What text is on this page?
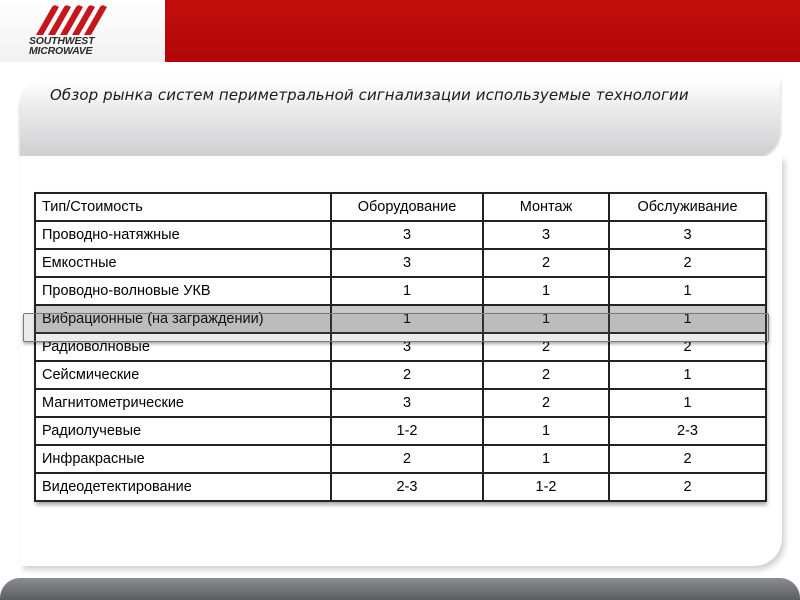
SOUTHWEST
MICROWAVE
Обзор рынка систем периметральной сигнализации используемые технологии
Тип/Стоимость	Оборудование	Монтаж	Обслуживание
Проводно-натяжные	3	3	3
Емкостные	3	2	2
Проводно-волновые УКВ	1	1	1
Вибрационные (на заграждении)	1	1	1
Радиоволновые	3	2	2
Сейсмические	2	2	1
Магнитометрические	3	2	1
Радиолучевые	1-2	1	2-3
Инфракрасные	2	1	2
Видеодетектирование	2-3	1-2	2
